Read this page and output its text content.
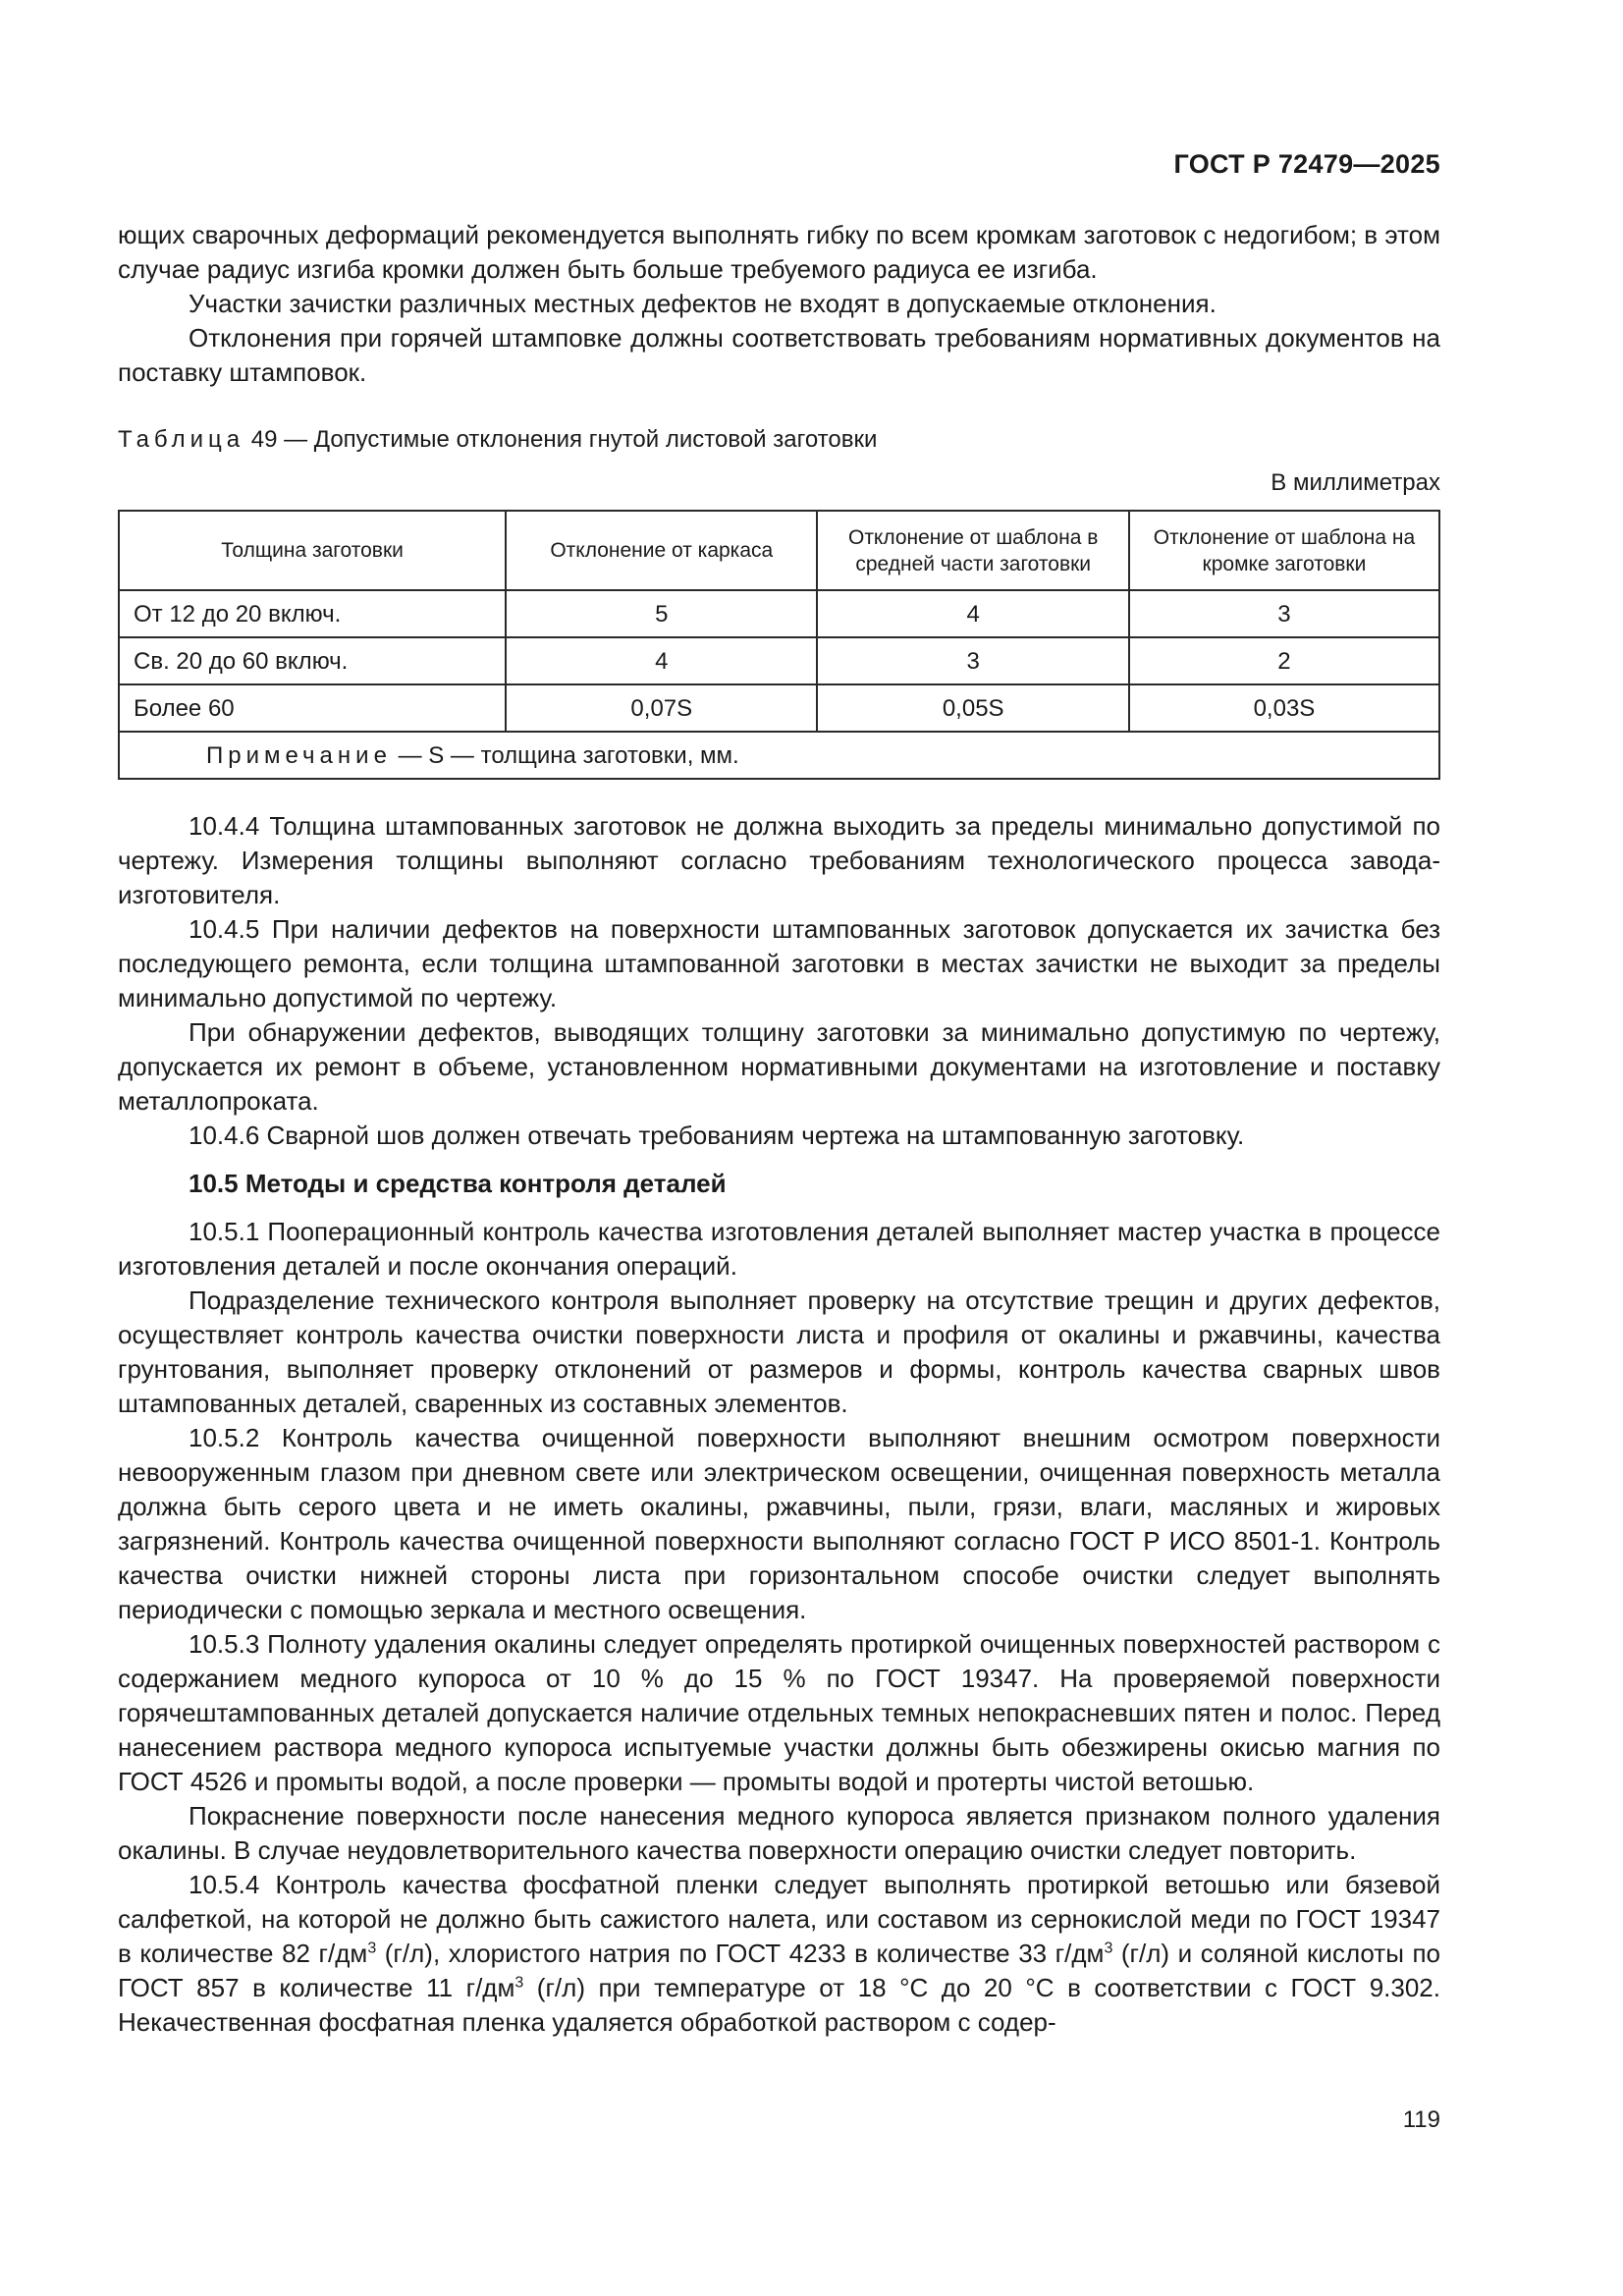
ГОСТ Р 72479—2025

ющих сварочных деформаций рекомендуется выполнять гибку по всем кромкам заготовок с недогибом; в этом случае радиус изгиба кромки должен быть больше требуемого радиуса ее изгиба.

Участки зачистки различных местных дефектов не входят в допускаемые отклонения.

Отклонения при горячей штамповке должны соответствовать требованиям нормативных документов на поставку штамповок.

Таблица 49 — Допустимые отклонения гнутой листовой заготовки
В миллиметрах
Толщина заготовки	Отклонение от каркаса	Отклонение от шаблона в средней части заготовки	Отклонение от шаблона на кромке заготовки
От 12 до 20 включ.	5	4	3
Св. 20 до 60 включ.	4	3	2
Более 60	0,07S	0,05S	0,03S
Примечание — S — толщина заготовки, мм.			

10.4.4 Толщина штампованных заготовок не должна выходить за пределы минимально допустимой по чертежу. Измерения толщины выполняют согласно требованиям технологического процесса завода-изготовителя.

10.4.5 При наличии дефектов на поверхности штампованных заготовок допускается их зачистка без последующего ремонта, если толщина штампованной заготовки в местах зачистки не выходит за пределы минимально допустимой по чертежу.

При обнаружении дефектов, выводящих толщину заготовки за минимально допустимую по чертежу, допускается их ремонт в объеме, установленном нормативными документами на изготовление и поставку металлопроката.

10.4.6 Сварной шов должен отвечать требованиям чертежа на штампованную заготовку.

10.5 Методы и средства контроля деталей

10.5.1 Пооперационный контроль качества изготовления деталей выполняет мастер участка в процессе изготовления деталей и после окончания операций.

Подразделение технического контроля выполняет проверку на отсутствие трещин и других дефектов, осуществляет контроль качества очистки поверхности листа и профиля от окалины и ржавчины, качества грунтования, выполняет проверку отклонений от размеров и формы, контроль качества сварных швов штампованных деталей, сваренных из составных элементов.

10.5.2 Контроль качества очищенной поверхности выполняют внешним осмотром поверхности невооруженным глазом при дневном свете или электрическом освещении, очищенная поверхность металла должна быть серого цвета и не иметь окалины, ржавчины, пыли, грязи, влаги, масляных и жировых загрязнений. Контроль качества очищенной поверхности выполняют согласно ГОСТ Р ИСО 8501-1. Контроль качества очистки нижней стороны листа при горизонтальном способе очистки следует выполнять периодически с помощью зеркала и местного освещения.

10.5.3 Полноту удаления окалины следует определять протиркой очищенных поверхностей раствором с содержанием медного купороса от 10 % до 15 % по ГОСТ 19347. На проверяемой поверхности горячештампованных деталей допускается наличие отдельных темных непокрасневших пятен и полос. Перед нанесением раствора медного купороса испытуемые участки должны быть обезжирены окисью магния по ГОСТ 4526 и промыты водой, а после проверки — промыты водой и протерты чистой ветошью.

Покраснение поверхности после нанесения медного купороса является признаком полного удаления окалины. В случае неудовлетворительного качества поверхности операцию очистки следует повторить.

10.5.4 Контроль качества фосфатной пленки следует выполнять протиркой ветошью или бязевой салфеткой, на которой не должно быть сажистого налета, или составом из сернокислой меди по ГОСТ 19347 в количестве 82 $г/дм^3$ (г/л), хлористого натрия по ГОСТ 4233 в количестве 33 $г/дм^3$ (г/л) и соляной кислоты по ГОСТ 857 в количестве 11 $г/дм^3$ (г/л) при температуре от 18 °С до 20 °С в соответствии с ГОСТ 9.302. Некачественная фосфатная пленка удаляется обработкой раствором с содер-

119
